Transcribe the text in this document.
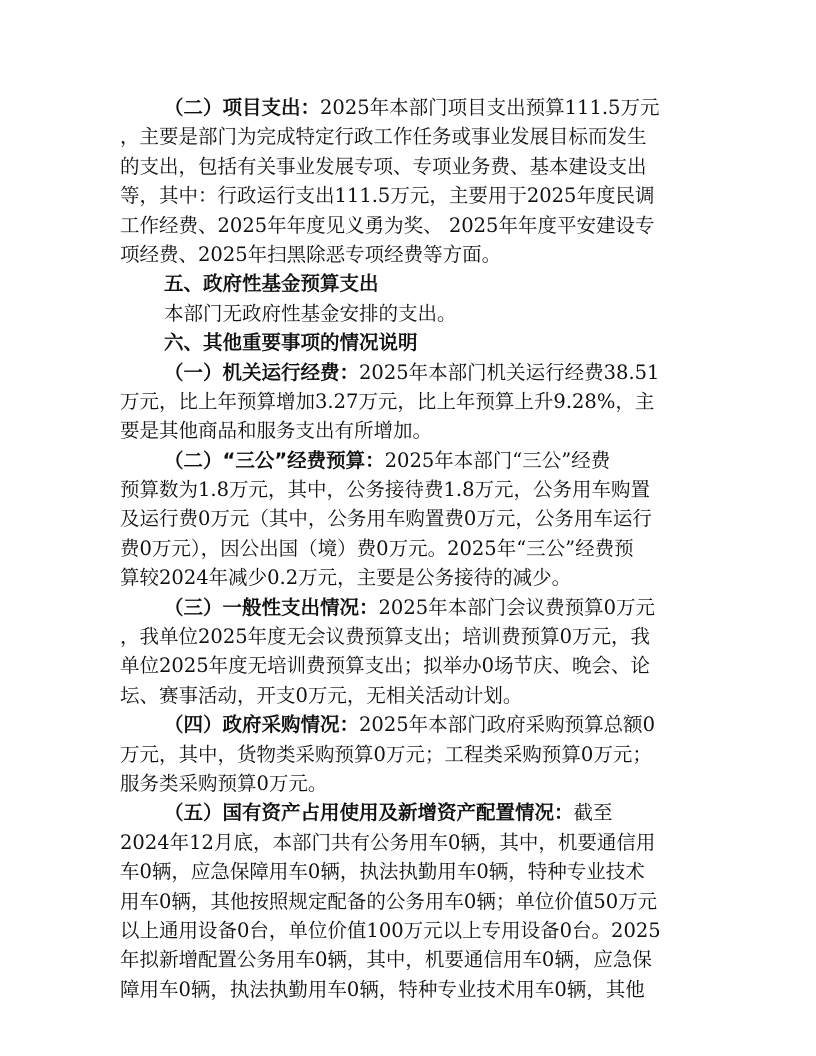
（二）项目支出：2025年本部门项目支出预算111.5万元
，主要是部门为完成特定行政工作任务或事业发展目标而发生
的支出，包括有关事业发展专项、专项业务费、基本建设支出
等，其中：行政运行支出111.5万元，主要用于2025年度民调
工作经费、2025年年度见义勇为奖、 2025年年度平安建设专
项经费、2025年扫黑除恶专项经费等方面。
五、政府性基金预算支出
本部门无政府性基金安排的支出。
六、其他重要事项的情况说明
（一）机关运行经费：2025年本部门机关运行经费38.51
万元，比上年预算增加3.27万元，比上年预算上升9.28%，主
要是其他商品和服务支出有所增加。
（二）“三公”经费预算：2025年本部门“三公”经费
预算数为1.8万元，其中，公务接待费1.8万元，公务用车购置
及运行费0万元（其中，公务用车购置费0万元，公务用车运行
费0万元），因公出国（境）费0万元。2025年“三公”经费预
算较2024年减少0.2万元，主要是公务接待的减少。
（三）一般性支出情况：2025年本部门会议费预算0万元
，我单位2025年度无会议费预算支出；培训费预算0万元，我
单位2025年度无培训费预算支出；拟举办0场节庆、晚会、论
坛、赛事活动，开支0万元，无相关活动计划。
（四）政府采购情况：2025年本部门政府采购预算总额0
万元，其中，货物类采购预算0万元；工程类采购预算0万元；
服务类采购预算0万元。
（五）国有资产占用使用及新增资产配置情况：截至
2024年12月底，本部门共有公务用车0辆，其中，机要通信用
车0辆，应急保障用车0辆，执法执勤用车0辆，特种专业技术
用车0辆，其他按照规定配备的公务用车0辆；单位价值50万元
以上通用设备0台，单位价值100万元以上专用设备0台。2025
年拟新增配置公务用车0辆，其中，机要通信用车0辆，应急保
障用车0辆，执法执勤用车0辆，特种专业技术用车0辆，其他
